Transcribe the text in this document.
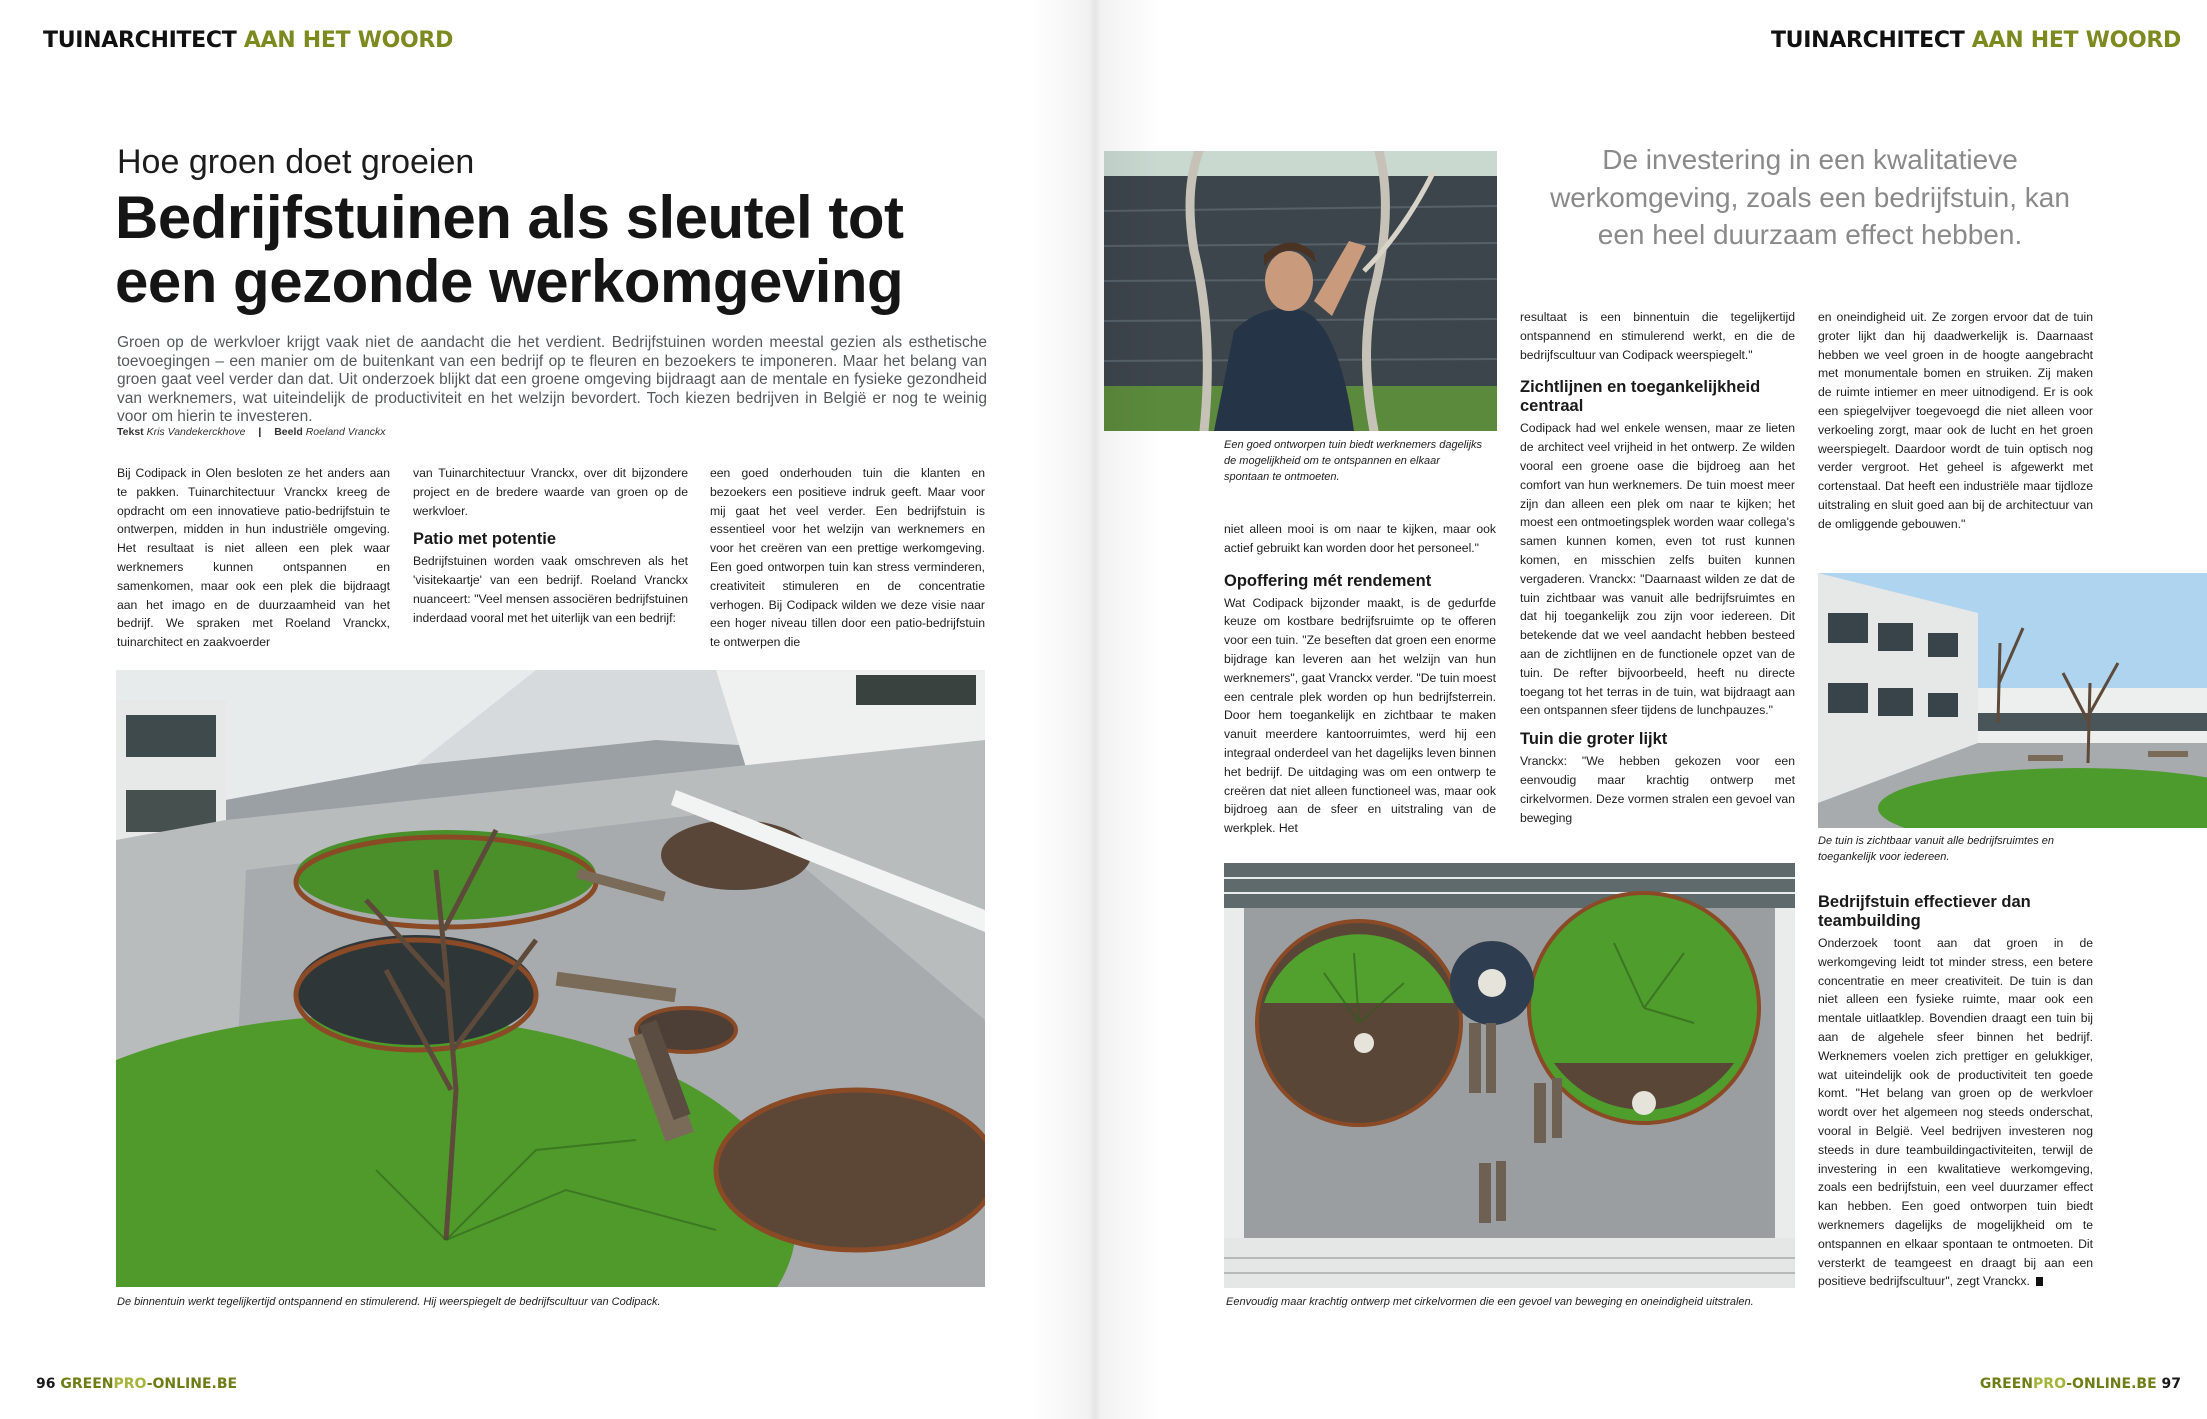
TUINARCHITECT AAN HET WOORD
Hoe groen doet groeien
Bedrijfstuinen als sleutel tot een gezonde werkomgeving

Groen op de werkvloer krijgt vaak niet de aandacht die het verdient. Bedrijfstuinen worden meestal gezien als esthetische toevoegingen – een manier om de buitenkant van een bedrijf op te fleuren en bezoekers te imponeren. Maar het belang van groen gaat veel verder dan dat. Uit onderzoek blijkt dat een groene omgeving bijdraagt aan de mentale en fysieke gezondheid van werknemers, wat uiteindelijk de productiviteit en het welzijn bevordert. Toch kiezen bedrijven in België er nog te weinig voor om hierin te investeren.

Tekst Kris Vandekerckhove | Beeld Roeland Vranckx

Bij Codipack in Olen besloten ze het anders aan te pakken. Tuinarchitectuur Vranckx kreeg de opdracht om een innovatieve patio-bedrijfstuin te ontwerpen, midden in hun industriële omgeving. Het resultaat is niet alleen een plek waar werknemers kunnen ontspannen en samenkomen, maar ook een plek die bijdraagt aan het imago en de duurzaamheid van het bedrijf. We spraken met Roeland Vranckx, tuinarchitect en zaakvoerder

van Tuinarchitectuur Vranckx, over dit bijzondere project en de bredere waarde van groen op de werkvloer.

Patio met potentie

Bedrijfstuinen worden vaak omschreven als het 'visitekaartje' van een bedrijf. Roeland Vranckx nuanceert: "Veel mensen associëren bedrijfstuinen inderdaad vooral met het uiterlijk van een bedrijf:

een goed onderhouden tuin die klanten en bezoekers een positieve indruk geeft. Maar voor mij gaat het veel verder. Een bedrijfstuin is essentieel voor het welzijn van werknemers en voor het creëren van een prettige werkomgeving. Een goed ontworpen tuin kan stress verminderen, creativiteit stimuleren en de concentratie verhogen. Bij Codipack wilden we deze visie naar een hoger niveau tillen door een patio-bedrijfstuin te ontwerpen die

De binnentuin werkt tegelijkertijd ontspannend en stimulerend. Hij weerspiegelt de bedrijfscultuur van Codipack.
96 GREENPRO-ONLINE.BE
TUINARCHITECT AAN HET WOORD
Een goed ontworpen tuin biedt werknemers dagelijks de mogelijkheid om te ontspannen en elkaar spontaan te ontmoeten.
De investering in een kwalitatieve werkomgeving, zoals een bedrijfstuin, kan een heel duurzaam effect hebben.

niet alleen mooi is om naar te kijken, maar ook actief gebruikt kan worden door het personeel."

Opoffering mét rendement

Wat Codipack bijzonder maakt, is de gedurfde keuze om kostbare bedrijfsruimte op te offeren voor een tuin. "Ze beseften dat groen een enorme bijdrage kan leveren aan het welzijn van hun werknemers", gaat Vranckx verder. "De tuin moest een centrale plek worden op hun bedrijfsterrein. Door hem toegankelijk en zichtbaar te maken vanuit meerdere kantoorruimtes, werd hij een integraal onderdeel van het dagelijks leven binnen het bedrijf. De uitdaging was om een ontwerp te creëren dat niet alleen functioneel was, maar ook bijdroeg aan de sfeer en uitstraling van de werkplek. Het

resultaat is een binnentuin die tegelijkertijd ontspannend en stimulerend werkt, en die de bedrijfscultuur van Codipack weerspiegelt."

Zichtlijnen en toegankelijkheid centraal

Codipack had wel enkele wensen, maar ze lieten de architect veel vrijheid in het ontwerp. Ze wilden vooral een groene oase die bijdroeg aan het comfort van hun werknemers. De tuin moest meer zijn dan alleen een plek om naar te kijken; het moest een ontmoetingsplek worden waar collega's samen kunnen komen, even tot rust kunnen komen, en misschien zelfs buiten kunnen vergaderen. Vranckx: "Daarnaast wilden ze dat de tuin zichtbaar was vanuit alle bedrijfsruimtes en dat hij toegankelijk zou zijn voor iedereen. Dit betekende dat we veel aandacht hebben besteed aan de zichtlijnen en de functionele opzet van de tuin. De refter bijvoorbeeld, heeft nu directe toegang tot het terras in de tuin, wat bijdraagt aan een ontspannen sfeer tijdens de lunchpauzes."

Tuin die groter lijkt

Vranckx: "We hebben gekozen voor een eenvoudig maar krachtig ontwerp met cirkelvormen. Deze vormen stralen een gevoel van beweging

en oneindigheid uit. Ze zorgen ervoor dat de tuin groter lijkt dan hij daadwerkelijk is. Daarnaast hebben we veel groen in de hoogte aangebracht met monumentale bomen en struiken. Zij maken de ruimte intiemer en meer uitnodigend. Er is ook een spiegelvijver toegevoegd die niet alleen voor verkoeling zorgt, maar ook de lucht en het groen weerspiegelt. Daardoor wordt de tuin optisch nog verder vergroot. Het geheel is afgewerkt met cortenstaal. Dat heeft een industriële maar tijdloze uitstraling en sluit goed aan bij de architectuur van de omliggende gebouwen."

De tuin is zichtbaar vanuit alle bedrijfsruimtes en toegankelijk voor iedereen.
Bedrijfstuin effectiever dan teambuilding

Onderzoek toont aan dat groen in de werkomgeving leidt tot minder stress, een betere concentratie en meer creativiteit. De tuin is dan niet alleen een fysieke ruimte, maar ook een mentale uitlaatklep. Bovendien draagt een tuin bij aan de algehele sfeer binnen het bedrijf. Werknemers voelen zich prettiger en gelukkiger, wat uiteindelijk ook de productiviteit ten goede komt. "Het belang van groen op de werkvloer wordt over het algemeen nog steeds onderschat, vooral in België. Veel bedrijven investeren nog steeds in dure teambuildingactiviteiten, terwijl de investering in een kwalitatieve werkomgeving, zoals een bedrijfstuin, een veel duurzamer effect kan hebben. Een goed ontworpen tuin biedt werknemers dagelijks de mogelijkheid om te ontspannen en elkaar spontaan te ontmoeten. Dit versterkt de teamgeest en draagt bij aan een positieve bedrijfscultuur", zegt Vranckx.

Eenvoudig maar krachtig ontwerp met cirkelvormen die een gevoel van beweging en oneindigheid uitstralen.
GREENPRO-ONLINE.BE 97
